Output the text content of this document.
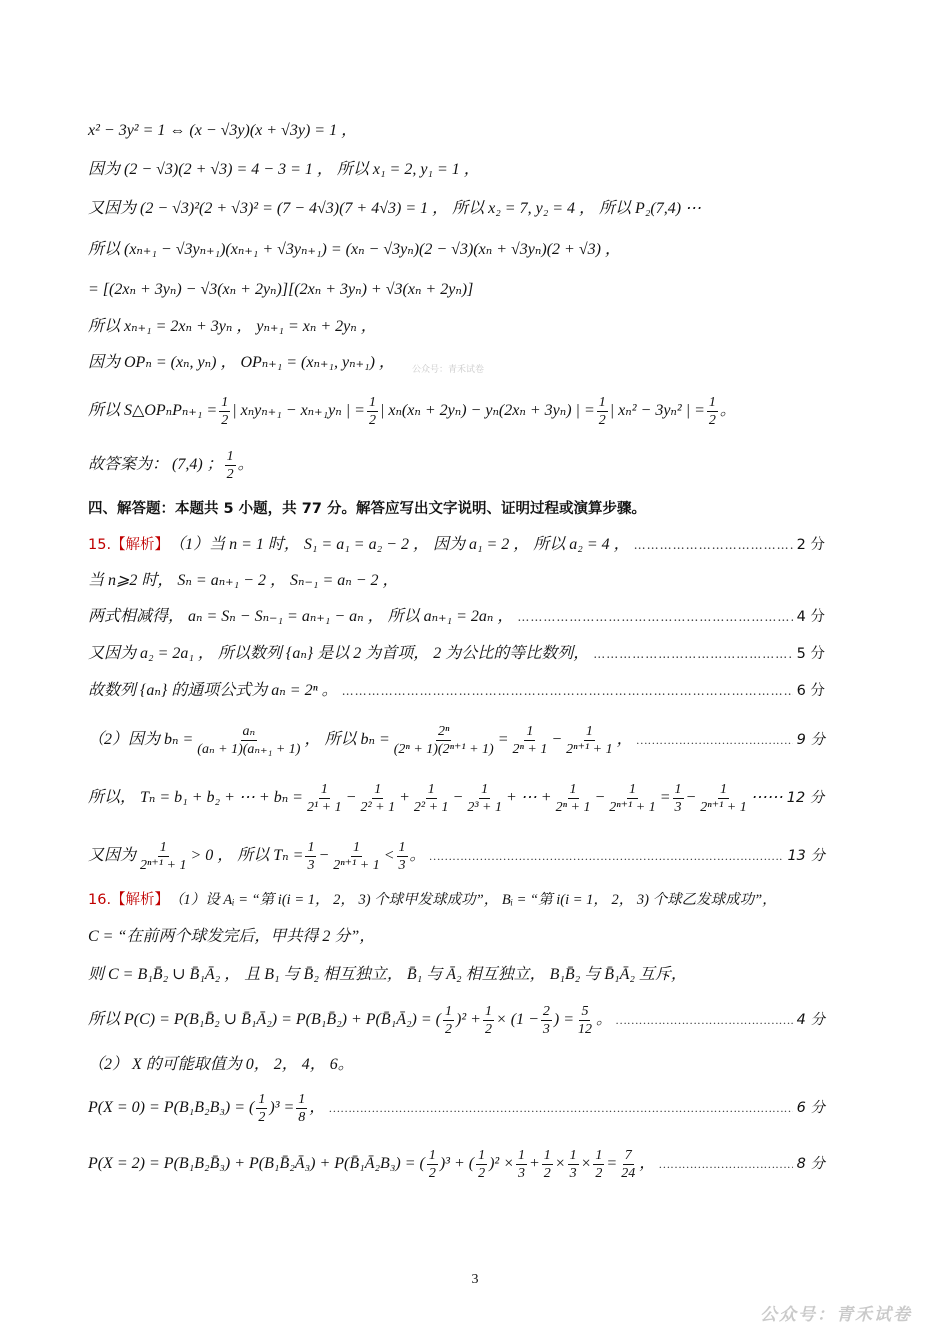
x² − 3y² = 1 ⇔ (x − √3y)(x + √3y) = 1 ，
因为 (2 − √3)(2 + √3) = 4 − 3 = 1 ， 所以 x₁ = 2, y₁ = 1 ，
又因为 (2 − √3)²(2 + √3)² = (7 − 4√3)(7 + 4√3) = 1 ， 所以 x₂ = 7, y₂ = 4 ， 所以 P₂(7,4) ⋯
所以 (xₙ₊₁ − √3yₙ₊₁)(xₙ₊₁ + √3yₙ₊₁) = (xₙ − √3yₙ)(2 − √3)(xₙ + √3yₙ)(2 + √3) ，
= [(2xₙ + 3yₙ) − √3(xₙ + 2yₙ)][(2xₙ + 3yₙ) + √3(xₙ + 2yₙ)]
所以 xₙ₊₁ = 2xₙ + 3yₙ ， yₙ₊₁ = xₙ + 2yₙ ，
因为 OPₙ = (xₙ, yₙ) ， OPₙ₊₁ = (xₙ₊₁, yₙ₊₁) ，
所以 S△OPₙPₙ₊₁ = $\frac{1}{2}$ | xₙyₙ₊₁ − xₙ₊₁yₙ | = $\frac{1}{2}$ | xₙ(xₙ + 2yₙ) − yₙ(2xₙ + 3yₙ) | = $\frac{1}{2}$ | xₙ² − 3yₙ² | = $\frac{1}{2}$ 。
故答案为： (7,4) ； $\frac{1}{2}$ 。
四、解答题：本题共 5 小题，共 77 分。解答应写出文字说明、证明过程或演算步骤。
15.【解析】 （1）当 n = 1 时， S₁ = a₁ = a₂ − 2 ， 因为 a₁ = 2 ， 所以 a₂ = 4 ， ……………………………………………………………………………………………………………………………………	2 分
当 n⩾2 时， Sₙ = aₙ₊₁ − 2 ， Sₙ₋₁ = aₙ − 2 ，
两式相减得， aₙ = Sₙ − Sₙ₋₁ = aₙ₊₁ − aₙ ， 所以 aₙ₊₁ = 2aₙ ， ……………………………………………………………………………………………………………………………………	4 分
又因为 a₂ = 2a₁ ， 所以数列 {aₙ} 是以 2 为首项， 2 为公比的等比数列， ……………………………………………………………………………………………………………………………………	5 分
故数列 {aₙ} 的通项公式为 aₙ = 2ⁿ 。 ……………………………………………………………………………………………………………………………………	6 分
（2）因为 $b_n = \frac{\text{aₙ}}{\text{(aₙ + 1)(aₙ₊₁ + 1)}}$ ， 所以 $b_n = \frac{\text{2ⁿ}}{\text{(2ⁿ + 1)(2ⁿ⁺¹ + 1)}} = \frac{1}{\text{2ⁿ + 1}} - \frac{1}{\text{2ⁿ⁺¹ + 1}}$ ， ……………………………………………………………………………………………………………………………………	9 分
所以， Tₙ = b₁ + b₂ + ⋯ + $b_n = \frac{1}{\text{2¹ + 1}} - \frac{1}{\text{2² + 1}} + \frac{1}{\text{2² + 1}} - \frac{1}{\text{2³ + 1}}$ + ⋯ + $\frac{1}{\text{2ⁿ + 1}} - \frac{1}{\text{2ⁿ⁺¹ + 1}} = \frac{1}{3} - \frac{1}{\text{2ⁿ⁺¹ + 1}}$ ⋯⋯ 12 分
又因为 $\frac{1}{\text{2ⁿ⁺¹ + 1}} > 0$ ， 所以 $T_n = \frac{1}{3} - \frac{1}{\text{2ⁿ⁺¹ + 1}} < \frac{1}{3}$ 。 ……………………………………………………………………………………………………………………………………	13 分
16.【解析】 （1）设 Aᵢ = “第 i(i = 1， 2， 3) 个球甲发球成功”， Bᵢ = “第 i(i = 1， 2， 3) 个球乙发球成功”，
C = “在前两个球发完后，甲共得 2 分”，
则 C = B₁B̄₂ ∪ B̄₁Ā₂ ， 且 B₁ 与 B̄₂ 相互独立， B̄₁ 与 Ā₂ 相互独立， B₁B̄₂ 与 B̄₁Ā₂ 互斥，
所以 P(C) = P(B₁B̄₂ ∪ B̄₁Ā₂) = P(B₁B̄₂) + P(B̄₁Ā₂) = ( $\frac{1}{2} )^2 + \frac{1}{2} \times (1 - \frac{2}{3}$ ) = $\frac{5}{12}$ 。 ……………………………………………………………………………………………………………………………………	4 分
（2） X 的可能取值为 0， 2， 4， 6。
P(X = 0) = P(B₁B₂B₃) = ( $\frac{1}{2} )^3 = \frac{1}{8}$ ， ……………………………………………………………………………………………………………………………………	6 分
P(X = 2) = P(B₁B₂B̄₃) + P(B₁B̄₂Ā₃) + P(B̄₁Ā₂B₃) = ( $\frac{1}{2} )^3$ + ( $\frac{1}{2} )^2 \times \frac{1}{3} + \frac{1}{2} \times \frac{1}{3} \times \frac{1}{2} = \frac{7}{24}$ ， ……………………………………………………………………………………………………………………………………	8 分
公众号：青禾试卷
3
公众号：青禾试卷
